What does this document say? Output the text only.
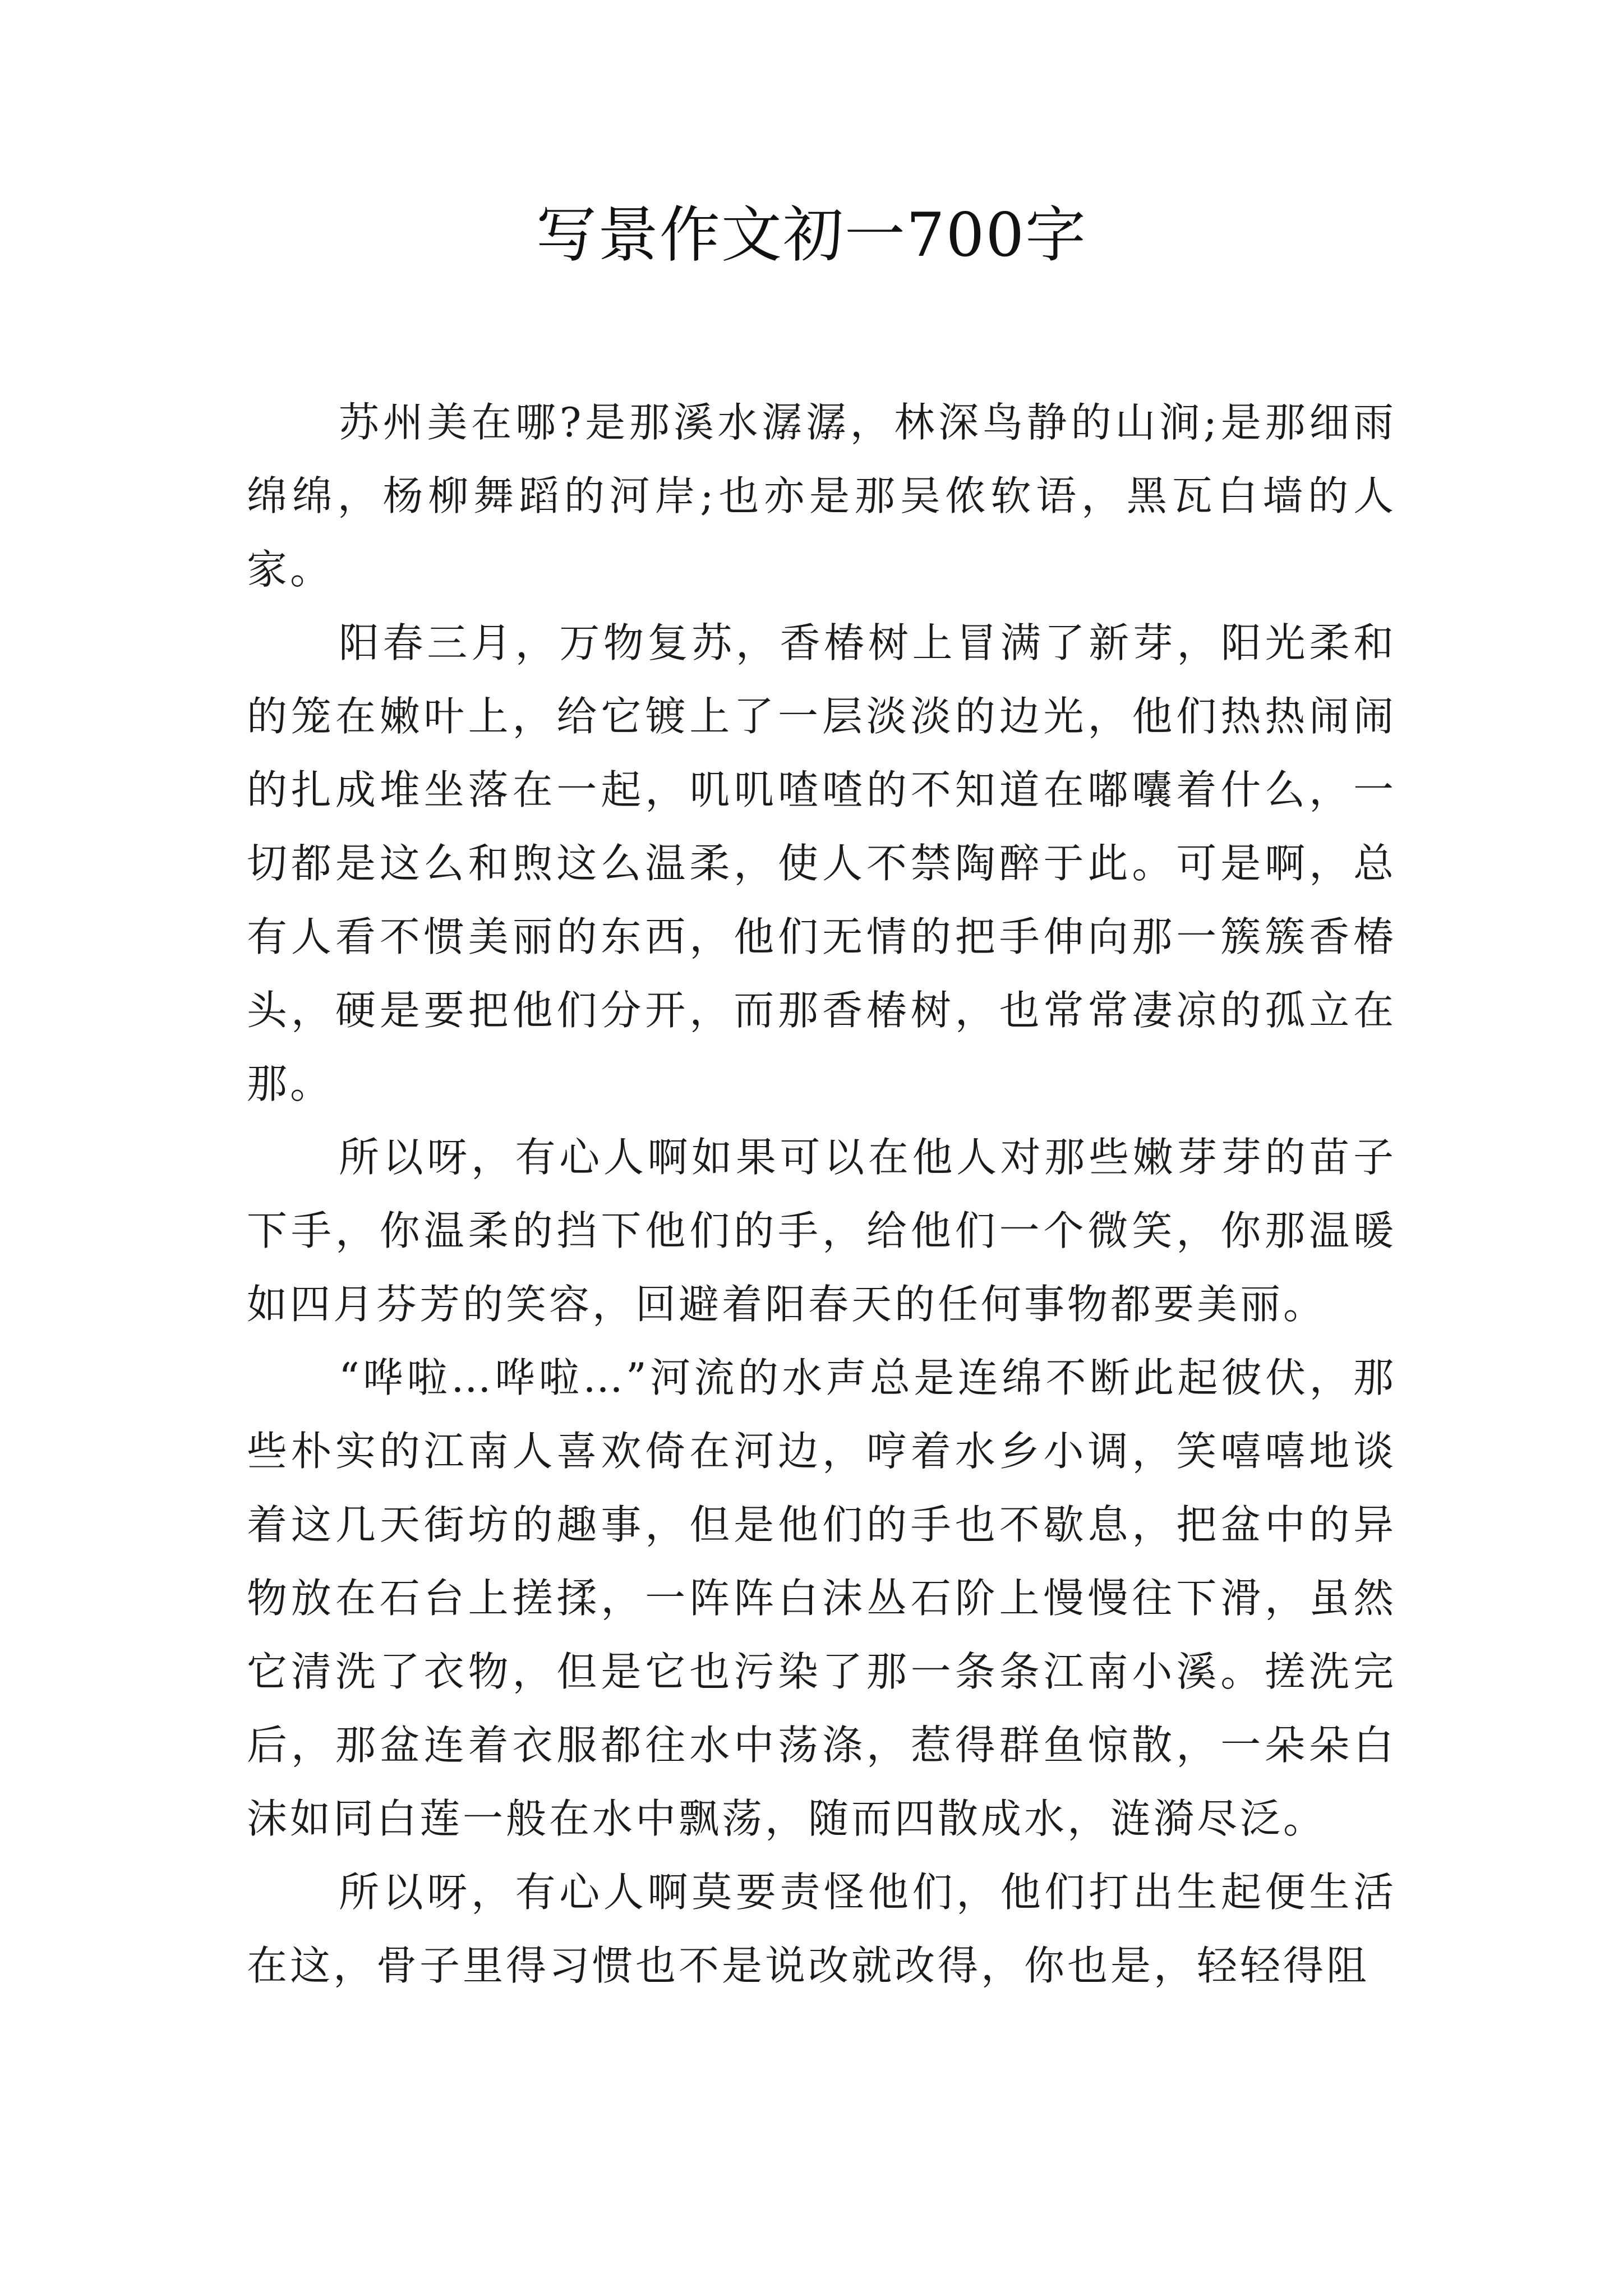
写景作文初一700字

苏州美在哪?是那溪水潺潺，林深鸟静的山涧;是那细雨绵绵，杨柳舞蹈的河岸;也亦是那吴侬软语，黑瓦白墙的人家。

阳春三月，万物复苏，香椿树上冒满了新芽，阳光柔和的笼在嫩叶上，给它镀上了一层淡淡的边光，他们热热闹闹的扎成堆坐落在一起，叽叽喳喳的不知道在嘟囔着什么，一切都是这么和煦这么温柔，使人不禁陶醉于此。可是啊，总有人看不惯美丽的东西，他们无情的把手伸向那一簇簇香椿头，硬是要把他们分开，而那香椿树，也常常凄凉的孤立在那。

所以呀，有心人啊如果可以在他人对那些嫩芽芽的苗子下手，你温柔的挡下他们的手，给他们一个微笑，你那温暖如四月芬芳的笑容，回避着阳春天的任何事物都要美丽。

“哗啦…哗啦…”河流的水声总是连绵不断此起彼伏，那些朴实的江南人喜欢倚在河边，哼着水乡小调，笑嘻嘻地谈着这几天街坊的趣事，但是他们的手也不歇息，把盆中的异物放在石台上搓揉，一阵阵白沫丛石阶上慢慢往下滑，虽然它清洗了衣物，但是它也污染了那一条条江南小溪。搓洗完后，那盆连着衣服都往水中荡涤，惹得群鱼惊散，一朵朵白沫如同白莲一般在水中飘荡，随而四散成水，涟漪尽泛。

所以呀，有心人啊莫要责怪他们，他们打出生起便生活在这，骨子里得习惯也不是说改就改得，你也是，轻轻得阻
